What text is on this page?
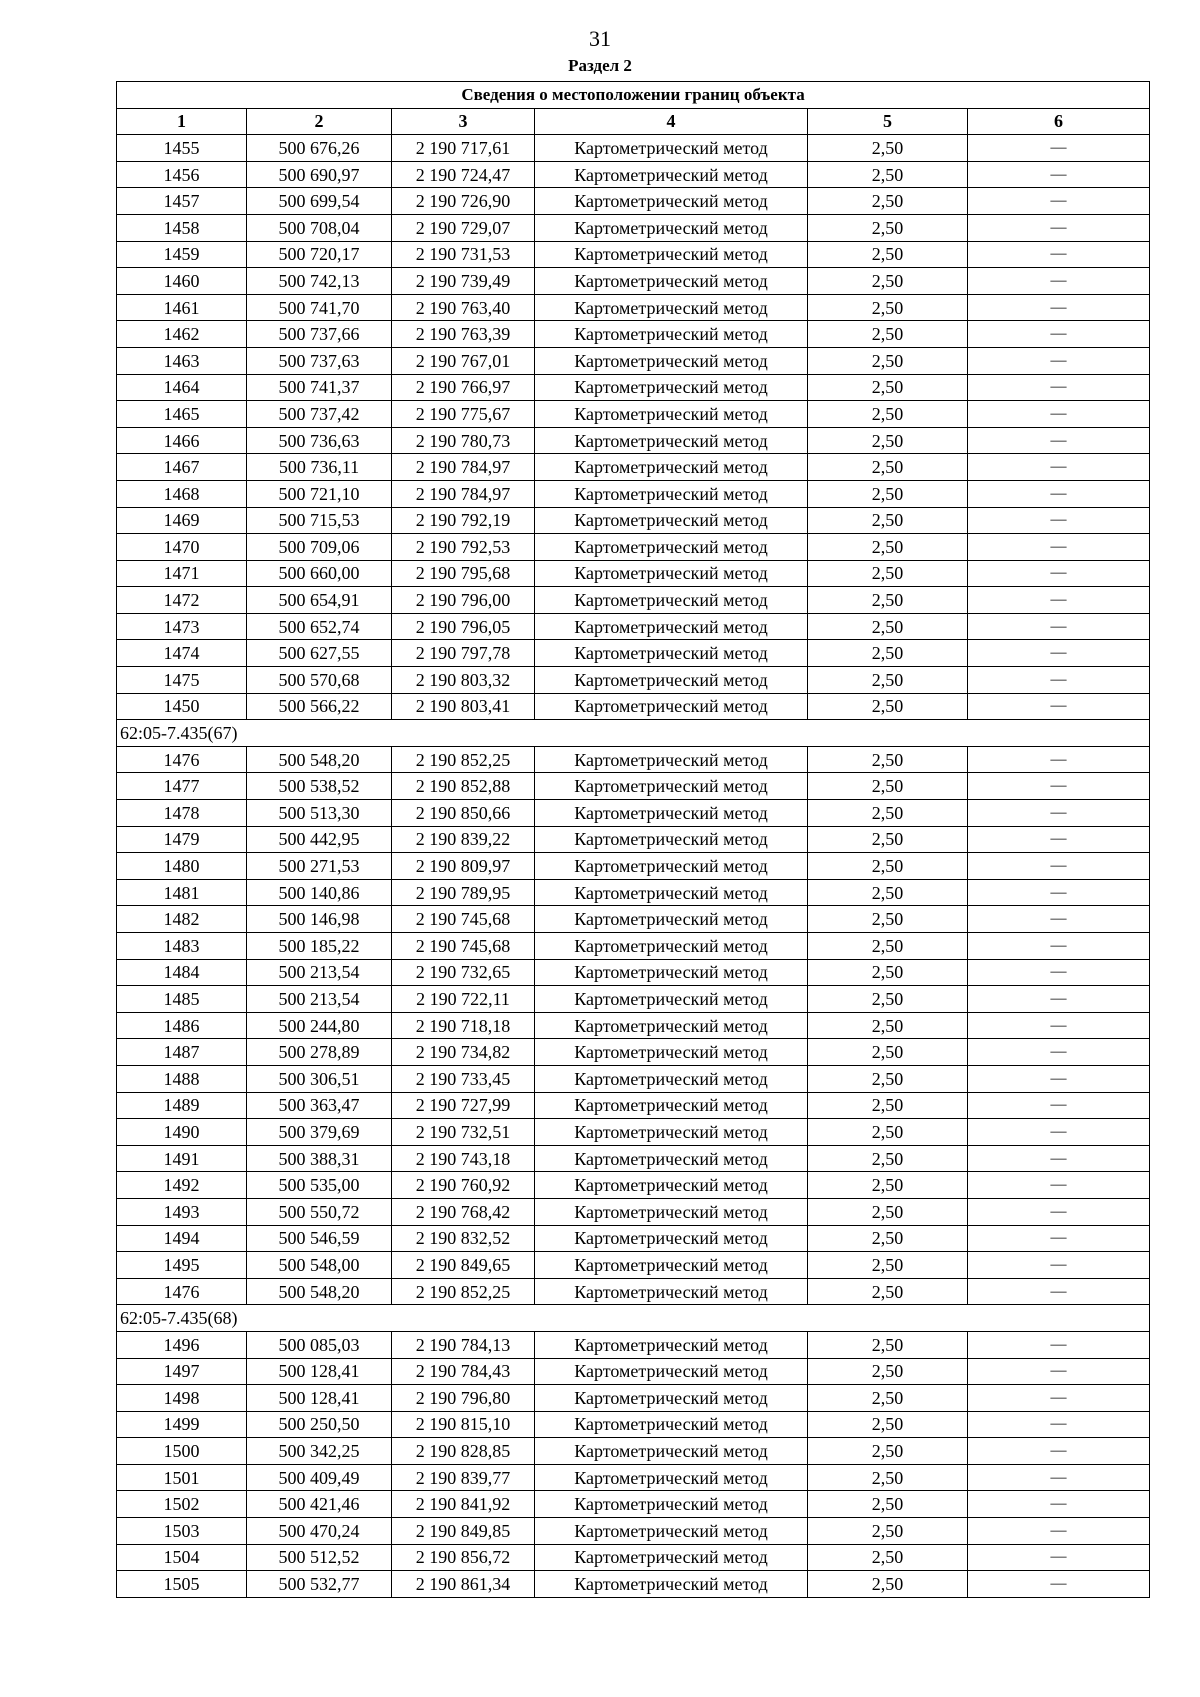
31
Раздел 2
Сведения о местоположении границ объекта					
1	2	3	4	5	6
1455	500 676,26	2 190 717,61	Картометрический метод	2,50	—
1456	500 690,97	2 190 724,47	Картометрический метод	2,50	—
1457	500 699,54	2 190 726,90	Картометрический метод	2,50	—
1458	500 708,04	2 190 729,07	Картометрический метод	2,50	—
1459	500 720,17	2 190 731,53	Картометрический метод	2,50	—
1460	500 742,13	2 190 739,49	Картометрический метод	2,50	—
1461	500 741,70	2 190 763,40	Картометрический метод	2,50	—
1462	500 737,66	2 190 763,39	Картометрический метод	2,50	—
1463	500 737,63	2 190 767,01	Картометрический метод	2,50	—
1464	500 741,37	2 190 766,97	Картометрический метод	2,50	—
1465	500 737,42	2 190 775,67	Картометрический метод	2,50	—
1466	500 736,63	2 190 780,73	Картометрический метод	2,50	—
1467	500 736,11	2 190 784,97	Картометрический метод	2,50	—
1468	500 721,10	2 190 784,97	Картометрический метод	2,50	—
1469	500 715,53	2 190 792,19	Картометрический метод	2,50	—
1470	500 709,06	2 190 792,53	Картометрический метод	2,50	—
1471	500 660,00	2 190 795,68	Картометрический метод	2,50	—
1472	500 654,91	2 190 796,00	Картометрический метод	2,50	—
1473	500 652,74	2 190 796,05	Картометрический метод	2,50	—
1474	500 627,55	2 190 797,78	Картометрический метод	2,50	—
1475	500 570,68	2 190 803,32	Картометрический метод	2,50	—
1450	500 566,22	2 190 803,41	Картометрический метод	2,50	—
62:05-7.435(67)					
1476	500 548,20	2 190 852,25	Картометрический метод	2,50	—
1477	500 538,52	2 190 852,88	Картометрический метод	2,50	—
1478	500 513,30	2 190 850,66	Картометрический метод	2,50	—
1479	500 442,95	2 190 839,22	Картометрический метод	2,50	—
1480	500 271,53	2 190 809,97	Картометрический метод	2,50	—
1481	500 140,86	2 190 789,95	Картометрический метод	2,50	—
1482	500 146,98	2 190 745,68	Картометрический метод	2,50	—
1483	500 185,22	2 190 745,68	Картометрический метод	2,50	—
1484	500 213,54	2 190 732,65	Картометрический метод	2,50	—
1485	500 213,54	2 190 722,11	Картометрический метод	2,50	—
1486	500 244,80	2 190 718,18	Картометрический метод	2,50	—
1487	500 278,89	2 190 734,82	Картометрический метод	2,50	—
1488	500 306,51	2 190 733,45	Картометрический метод	2,50	—
1489	500 363,47	2 190 727,99	Картометрический метод	2,50	—
1490	500 379,69	2 190 732,51	Картометрический метод	2,50	—
1491	500 388,31	2 190 743,18	Картометрический метод	2,50	—
1492	500 535,00	2 190 760,92	Картометрический метод	2,50	—
1493	500 550,72	2 190 768,42	Картометрический метод	2,50	—
1494	500 546,59	2 190 832,52	Картометрический метод	2,50	—
1495	500 548,00	2 190 849,65	Картометрический метод	2,50	—
1476	500 548,20	2 190 852,25	Картометрический метод	2,50	—
62:05-7.435(68)					
1496	500 085,03	2 190 784,13	Картометрический метод	2,50	—
1497	500 128,41	2 190 784,43	Картометрический метод	2,50	—
1498	500 128,41	2 190 796,80	Картометрический метод	2,50	—
1499	500 250,50	2 190 815,10	Картометрический метод	2,50	—
1500	500 342,25	2 190 828,85	Картометрический метод	2,50	—
1501	500 409,49	2 190 839,77	Картометрический метод	2,50	—
1502	500 421,46	2 190 841,92	Картометрический метод	2,50	—
1503	500 470,24	2 190 849,85	Картометрический метод	2,50	—
1504	500 512,52	2 190 856,72	Картометрический метод	2,50	—
1505	500 532,77	2 190 861,34	Картометрический метод	2,50	—
